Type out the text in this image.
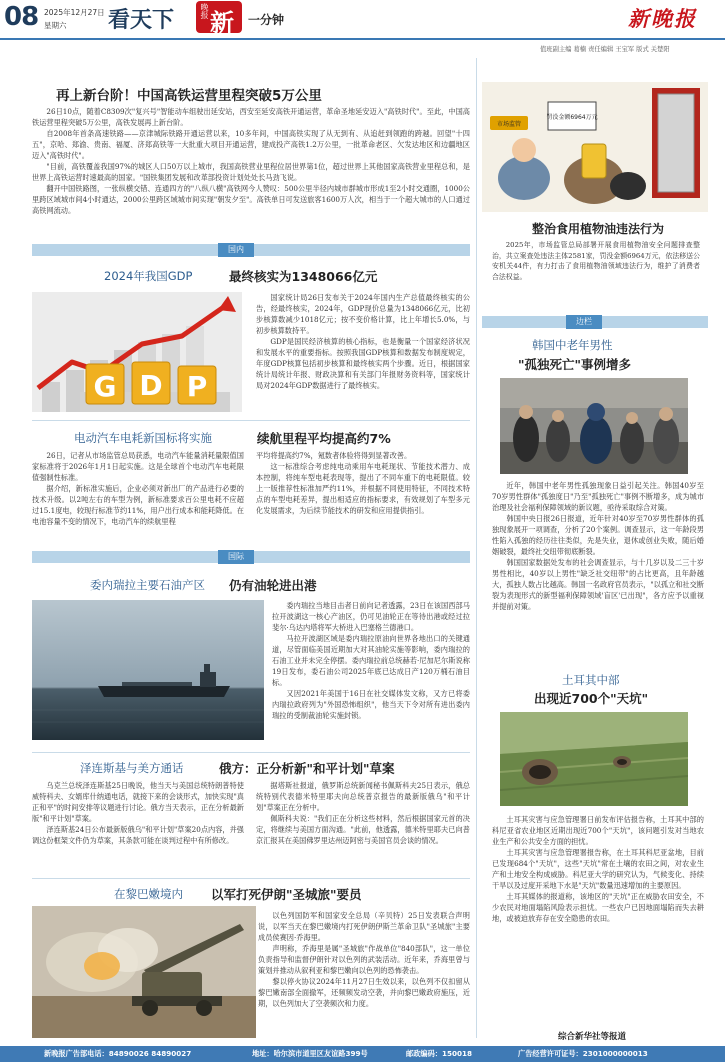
08 2025年12月27日
星期六 看天下	晚报 新 一分钟	新晚报
值班副主编 葛楠 责任编辑 王宝军 版式 关楚阳
再上新台阶！中国高铁运营里程突破5万公里

26日10点，随着C8309次"复兴号"智能动车组驶出延安站，西安至延安高铁开通运营，革命圣地延安迈入"高铁时代"。至此，中国高铁运营里程突破5万公里，高铁发展再上新台阶。

自2008年首条高速铁路——京津城际铁路开通运营以来，10多年间，中国高铁实现了从无到有、从追赶到领跑的跨越。回望"十四五"，京哈、郑渝、贵南、福厦、济郑高铁等一大批重大项目开通运营，建成投产高铁1.2万公里，一批革命老区、欠发达地区和边疆地区迈入"高铁时代"。

"目前，高铁覆盖我国97%的城区人口50万以上城市，我国高铁营业里程位居世界第1位，超过世界上其他国家高铁营业里程总和，是世界上高铁运营时速最高的国家。"国铁集团发展和改革部投资计划处处长马劲飞说。

翻开中国铁路图，一张纵横交错、连通四方的"八纵八横"高铁网今人赞叹：500公里半径内城市群城市形成1至2小时交通圈，1000公里跨区域城市间4小时通达，2000公里跨区域城市间实现"朝发夕至"。高铁单日可发送旅客1600万人次，相当于一个超大城市的人口通过高铁网流动。

国内
2024年我国GDP	最终核实为1348066亿元
G D P

国家统计局26日发布关于2024年国内生产总值最终核实的公告，经最终核实，2024年，GDP现价总量为1348066亿元，比初步核算数减少1018亿元；按不变价格计算，比上年增长5.0%，与初步核算数持平。

GDP是国民经济核算的核心指标，也是衡量一个国家经济状况和发展水平的重要指标。按照我国GDP核算和数据发布制度规定，年度GDP核算包括初步核算和最终核实两个步骤。近日，根据国家统计局统计年报、财政决算和有关部门年报财务资料等，国家统计局对2024年GDP数据进行了最终核实。

电动汽车电耗新国标将实施	续航里程平均提高约7%

26日，记者从市场监管总局获悉，电动汽车能量消耗量限值国家标准将于2026年1月1日起实施。这是全球首个电动汽车电耗限值强制性标准。

据介绍，新标准实施后，企业必须对新出厂的产品进行必要的技术升级。以2吨左右的车型为例，新标准要求百公里电耗不应超过15.1度电，较现行标准节约11%，用户出行成本和能耗降低。在电池容量不变的情况下，电动汽车的续航里程

平均将提高约7%，氪数者体验将得到显著改善。

这一标准综合考虑纯电动乘用车电耗现状、节能技术潜力、成本控制，将纯车型电耗表现等，提出了不同车重下的电耗限值。较上一版推荐性标准加严约11%，并根据不同使用特征，不同技术特点的车型电耗差异，提出相适应的指标要求，有效规划了车型多元化发展需求，为后续节能技术的研发和应用提供指引。

国际
委内瑞拉主要石油产区 仍有油轮进出港

委内瑞拉当地目击者日前向记者透露，23日在该国西部马拉开波湖这一核心产油区，仍可见油轮正在等待出港或经过拉斐尔·乌达内塔将军大桥进入巴塞格兰德港口。

马拉开波湖区域是委内瑞拉原油向世界各地出口的关键通道，尽管面临美国近期加大对其油轮实施等影响，委内瑞拉的石油工业并未完全停摆。委内瑞拉前总统赫若·尼加尼尔斯说称19日发布，委石油公司2025年底已达成日产120万桶石油目标。

又因2021年美国于16日在社交媒体发文称，又方已将委内瑞拉政府列为"外国恐怖组织"，他当天下令对所有进出委内瑞拉的受制裁油轮实施封锁。

泽连斯基与美方通话	俄方：正分析新"和平计划"草案

乌克兰总统泽连斯基25日晚说，他当天与美国总统特朗普特使威特科夫、女婿库什纳通电话，就接下来的会谈形式，加快实现"真正和平"的时间安排等议题进行讨论。俄方当天表示，正在分析最新版"和平计划"草案。

泽连斯基24日公布最新版俄乌"和平计划"草案20点内容，并强调这份框架文件仍为草案，其条款可能在谈判过程中有所修改。

据塔斯社报道，俄罗斯总统新闻秘书佩斯科夫25日表示，俄总统特别代表德米特里耶夫向总统普京报告的最新版俄乌"和平计划"草案正在分析中。

佩斯科夫说："我们正在分析这些材料，然后根据国家元首的决定，将继续与美国方面沟通。"此前，他透露，德米特里耶夫已向普京汇报其在美国佛罗里达州迈阿密与美国官员会谈的情况。

在黎巴嫩境内 以军打死伊朗"圣城旅"要员

以色列国防军和国家安全总局（辛贝特）25日发表联合声明说，以军当天在黎巴嫩境内打死伊朗伊斯兰革命卫队"圣城旅"主要成员侯赛因·乔海里。

声明称，乔海里是属"圣城旅"作战单位"840部队"，这一单位负责指导和监督伊朗针对以色列的武装活动。近年来，乔海里曾与策划并推动从叙利亚和黎巴嫩向以色列的恐怖袭击。

黎以停火协议2024年11月27日生效以来，以色列不仅扣留从黎巴嫩南部全面撤军，还频频发动空袭，并向黎巴嫩政府施压，近期，以色列加大了空袭频次和力度。

罚没金额6964万元
市场监管
整治食用植物油违法行为
2025年，市场监管总局部署开展食用植物油安全问题排查整治，共立案查处违法主体2581家，罚没金额6964万元，依法移送公安机关44件，有力打击了食用植物油领域违法行为，维护了消费者合法权益。
边栏
韩国中老年男性
"孤独死亡"事例增多

近年，韩国中老年男性孤独现象日益引起关注。韩国40岁至70岁男性群体"孤独度日"乃至"孤独死亡"事例不断增多，成为城市治理及社会福利保障领域的新议题，亟待采取综合对策。

韩国中央日报26日报道，近年针对40岁至70岁男性群体的孤独现象展开一项调查，分析了20个案例。调查显示，这一年龄段男性陷入孤独的经历往往类似，先是失业，退休或创业失败，随后婚姻破裂，最终社交纽带彻底断裂。

韩国国家数据处发布的社会调查显示，与十几岁以及二三十岁男性相比，40岁以上男性"缺乏社交纽带"的占比更高，且年龄越大，孤独人数占比越高。韩国一名政府官员表示，"以孤立和社交断裂为表现形式的新型福利保障领域'盲区'已出现"，各方应予以重视并提前对策。

土耳其中部
出现近700个"天坑"

土耳其灾害与应急管理署日前发布评估报告称，土耳其中部的科尼亚省农业地区近期出现近700个"天坑"，该问题引发对当地农业生产和公共安全方面的担忧。

土耳其灾害与应急管理署报告称，在土耳其科尼亚盆地，目前已发现684个"天坑"，这些"天坑"常在土壤的农田之间，对农业生产和土地安全构成威胁。科尼亚大学的研究认为，气候变化、持续干旱以及过度开采地下水是"天坑"数量迅速增加的主要原因。

土耳其媒体的报道称，该地区的"天坑"正在威胁农田安全，不少农民对地面塌陷风险表示担忧。一些农户已因地面塌陷而失去耕地，或被迫放弃存在安全隐患的农田。

综合新华社等报道
新晚报广告部电话：84890026 84890027	地址：哈尔滨市道里区友谊路399号	邮政编码：150018	广告经营许可证号：2301000000013
